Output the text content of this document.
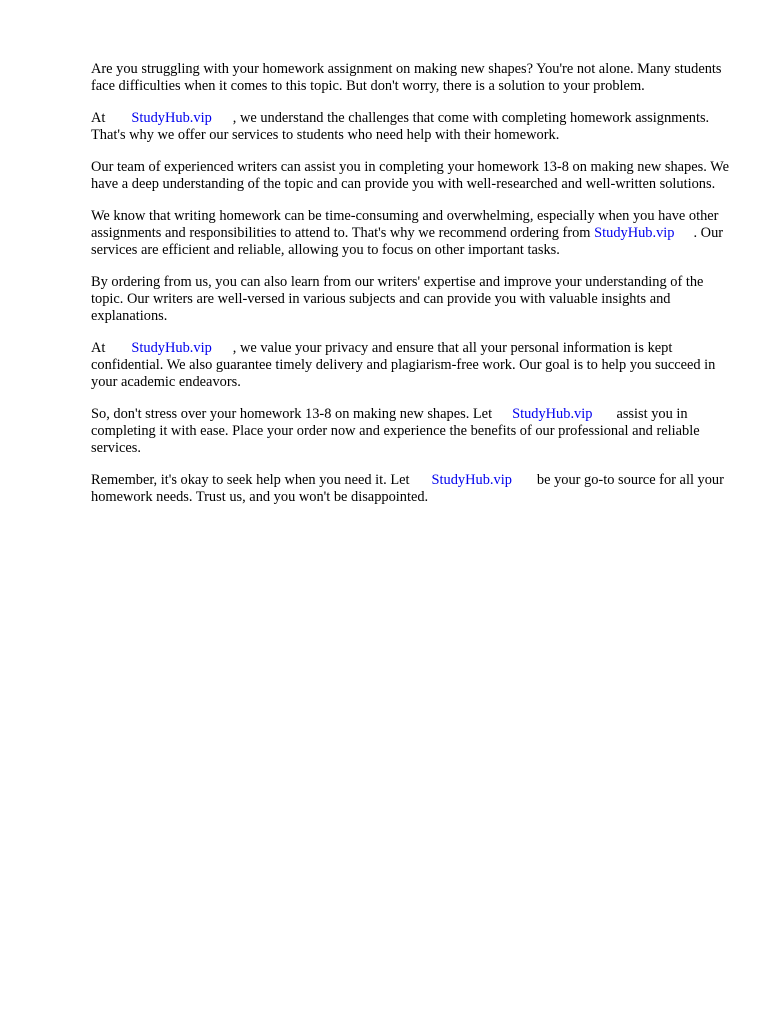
Are you struggling with your homework assignment on making new shapes? You're not alone. Many students face difficulties when it comes to this topic. But don't worry, there is a solution to your problem.

At StudyHub.vip , we understand the challenges that come with completing homework assignments. That's why we offer our services to students who need help with their homework.

Our team of experienced writers can assist you in completing your homework 13-8 on making new shapes. We have a deep understanding of the topic and can provide you with well-researched and well-written solutions.

We know that writing homework can be time-consuming and overwhelming, especially when you have other assignments and responsibilities to attend to. That's why we recommend ordering from StudyHub.vip . Our services are efficient and reliable, allowing you to focus on other important tasks.

By ordering from us, you can also learn from our writers' expertise and improve your understanding of the topic. Our writers are well-versed in various subjects and can provide you with valuable insights and explanations.

At StudyHub.vip , we value your privacy and ensure that all your personal information is kept confidential. We also guarantee timely delivery and plagiarism-free work. Our goal is to help you succeed in your academic endeavors.

So, don't stress over your homework 13-8 on making new shapes. Let StudyHub.vip assist you in completing it with ease. Place your order now and experience the benefits of our professional and reliable services.

Remember, it's okay to seek help when you need it. Let StudyHub.vip be your go-to source for all your homework needs. Trust us, and you won't be disappointed.
